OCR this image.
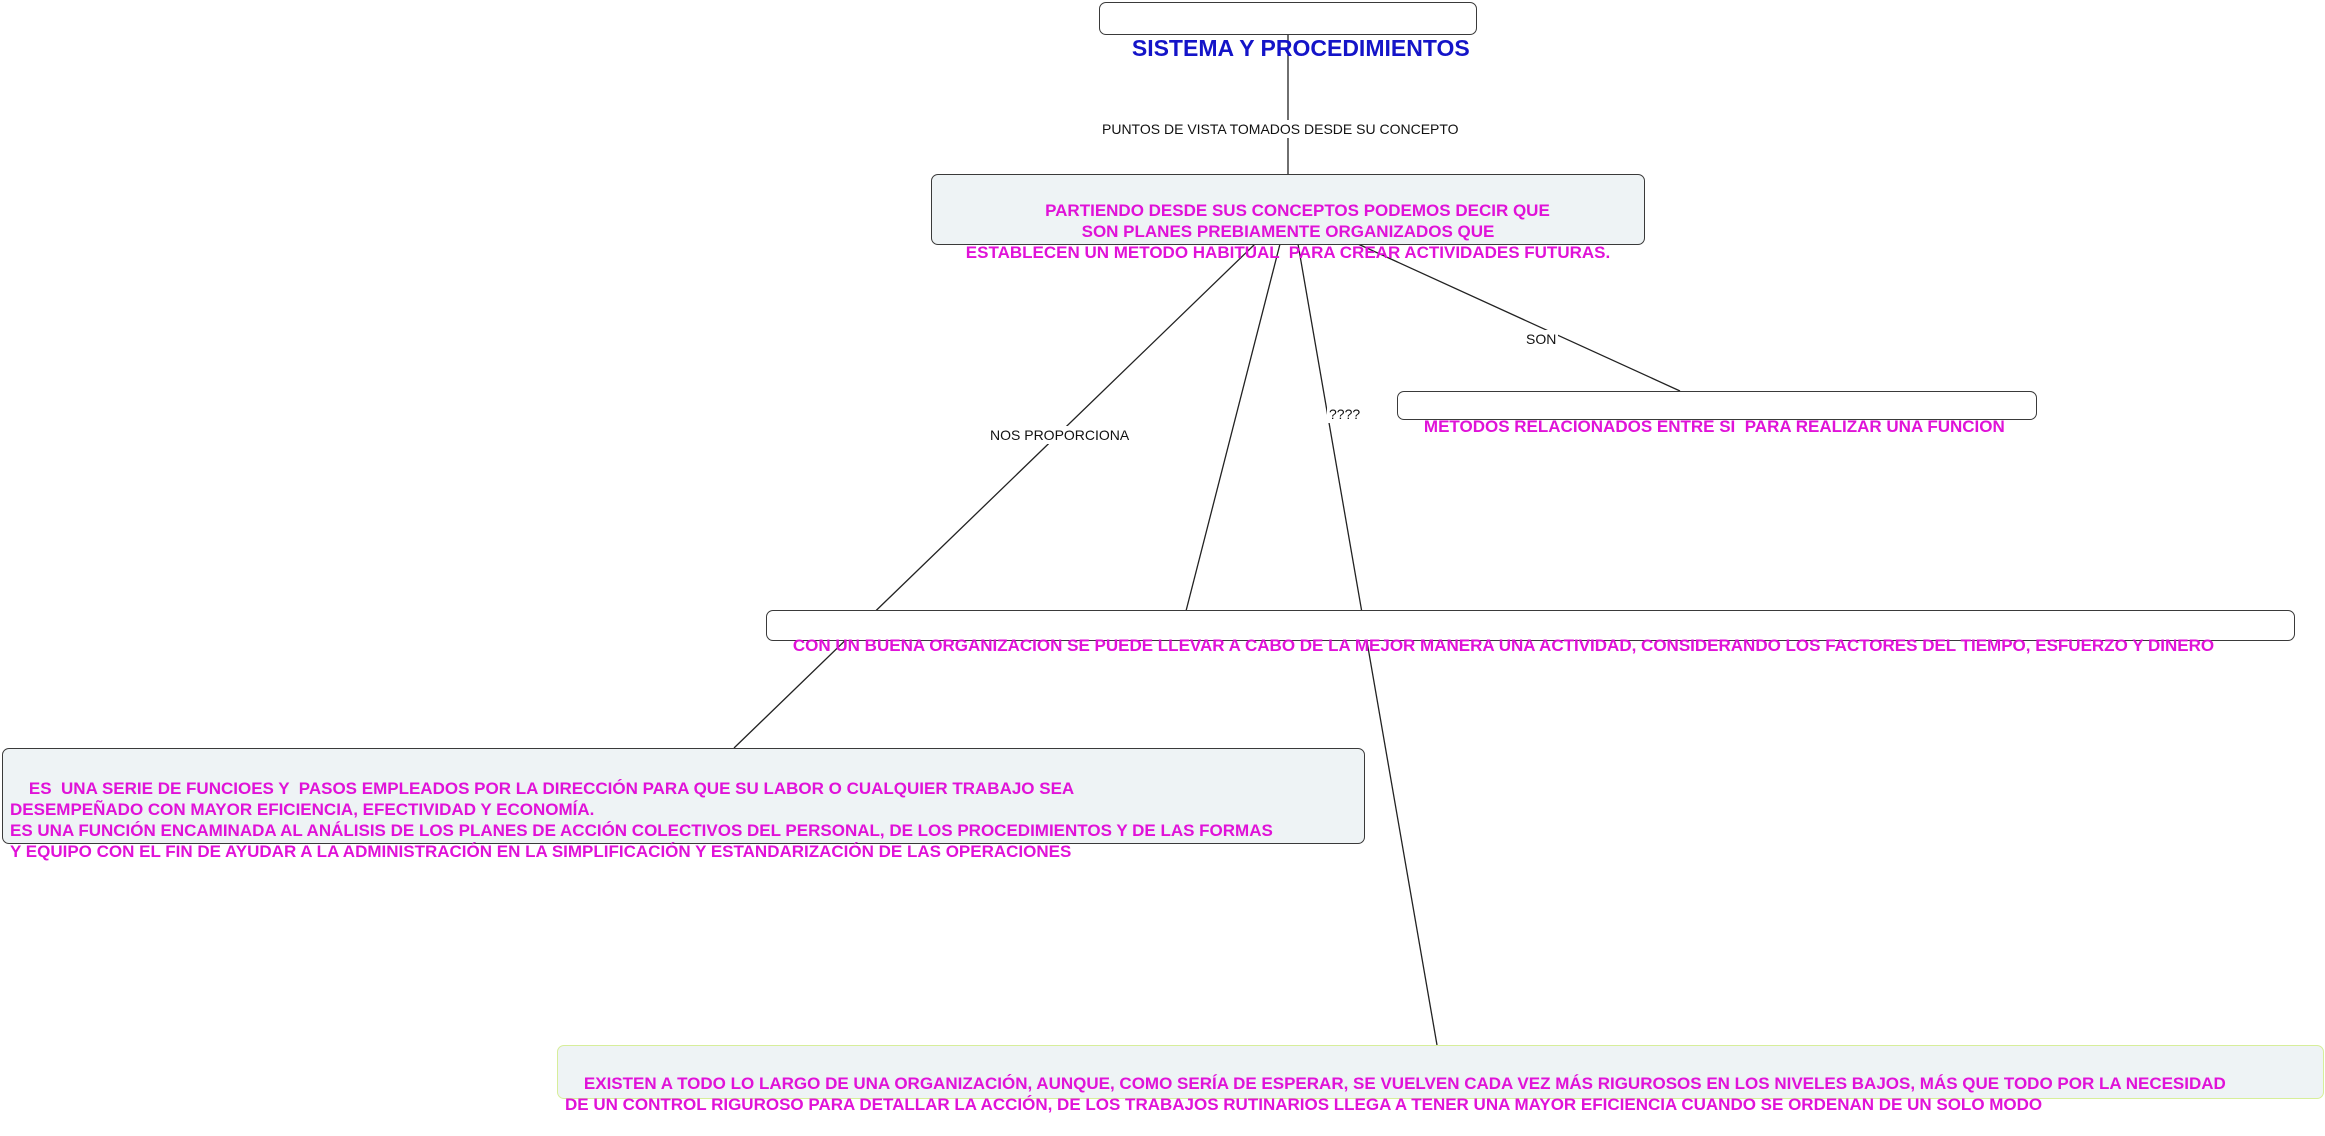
SISTEMA Y PROCEDIMIENTOS

PUNTOS DE VISTA TOMADOS DESDE SU CONCEPTO

PARTIENDO DESDE SUS CONCEPTOS PODEMOS DECIR QUE
SON PLANES PREBIAMENTE ORGANIZADOS QUE
ESTABLECEN UN METODO HABITUAL  PARA CREAR ACTIVIDADES FUTURAS.

SON

METODOS RELACIONADOS ENTRE SI  PARA REALIZAR UNA FUNCION

NOS PROPORCIONA
????

CON UN BUENA ORGANIZACION SE PUEDE LLEVAR A CABO DE LA MEJOR MANERA UNA ACTIVIDAD, CONSIDERANDO LOS FACTORES DEL TIEMPO, ESFUERZO Y DINERO

ES  UNA SERIE DE FUNCIOES Y  PASOS EMPLEADOS POR LA DIRECCIÓN PARA QUE SU LABOR O CUALQUIER TRABAJO SEA
DESEMPEÑADO CON MAYOR EFICIENCIA, EFECTIVIDAD Y ECONOMÍA.
ES UNA FUNCIÓN ENCAMINADA AL ANÁLISIS DE LOS PLANES DE ACCIÓN COLECTIVOS DEL PERSONAL, DE LOS PROCEDIMIENTOS Y DE LAS FORMAS
Y EQUIPO CON EL FIN DE AYUDAR A LA ADMINISTRACIÓN EN LA SIMPLIFICACIÓN Y ESTANDARIZACIÓN DE LAS OPERACIONES

EXISTEN A TODO LO LARGO DE UNA ORGANIZACIÓN, AUNQUE, COMO SERÍA DE ESPERAR, SE VUELVEN CADA VEZ MÁS RIGUROSOS EN LOS NIVELES BAJOS, MÁS QUE TODO POR LA NECESIDAD
DE UN CONTROL RIGUROSO PARA DETALLAR LA ACCIÓN, DE LOS TRABAJOS RUTINARIOS LLEGA A TENER UNA MAYOR EFICIENCIA CUANDO SE ORDENAN DE UN SOLO MODO
